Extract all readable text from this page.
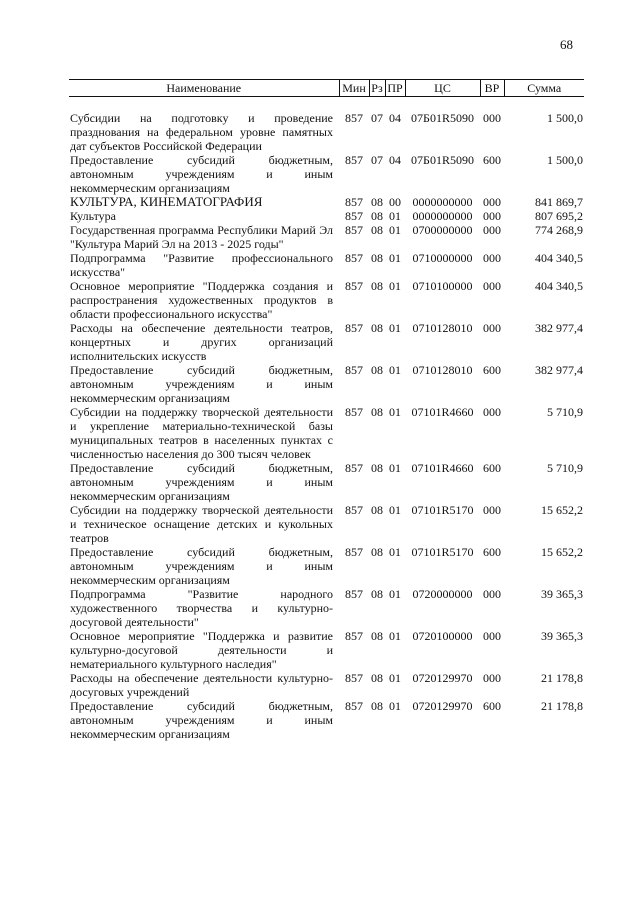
68
Наименование	Мин	Рз	ПР	ЦС	ВР	Сумма
Субсидии на подготовку и проведение празднования на федеральном уровне памятных дат субъектов Российской Федерации	857	07	04	07Б01R5090	000	1 500,0
Предоставление субсидий бюджетным, автономным учреждениям и иным некоммерческим организациям	857	07	04	07Б01R5090	600	1 500,0
КУЛЬТУРА, КИНЕМАТОГРАФИЯ	857	08	00	0000000000	000	841 869,7
Культура	857	08	01	0000000000	000	807 695,2
Государственная программа Республики Марий Эл "Культура Марий Эл на 2013 - 2025 годы"	857	08	01	0700000000	000	774 268,9
Подпрограмма "Развитие профессионального искусства"	857	08	01	0710000000	000	404 340,5
Основное мероприятие "Поддержка создания и распространения художественных продуктов в области профессионального искусства"	857	08	01	0710100000	000	404 340,5
Расходы на обеспечение деятельности театров, концертных и других организаций исполнительских искусств	857	08	01	0710128010	000	382 977,4
Предоставление субсидий бюджетным, автономным учреждениям и иным некоммерческим организациям	857	08	01	0710128010	600	382 977,4
Субсидии на поддержку творческой деятельности и укрепление материально-технической базы муниципальных театров в населенных пунктах с численностью населения до 300 тысяч человек	857	08	01	07101R4660	000	5 710,9
Предоставление субсидий бюджетным, автономным учреждениям и иным некоммерческим организациям	857	08	01	07101R4660	600	5 710,9
Субсидии на поддержку творческой деятельности и техническое оснащение детских и кукольных театров	857	08	01	07101R5170	000	15 652,2
Предоставление субсидий бюджетным, автономным учреждениям и иным некоммерческим организациям	857	08	01	07101R5170	600	15 652,2
Подпрограмма "Развитие народного художественного творчества и культурно-досуговой деятельности"	857	08	01	0720000000	000	39 365,3
Основное мероприятие "Поддержка и развитие культурно-досуговой деятельности и нематериального культурного наследия"	857	08	01	0720100000	000	39 365,3
Расходы на обеспечение деятельности культурно-досуговых учреждений	857	08	01	0720129970	000	21 178,8
Предоставление субсидий бюджетным, автономным учреждениям и иным некоммерческим организациям	857	08	01	0720129970	600	21 178,8
